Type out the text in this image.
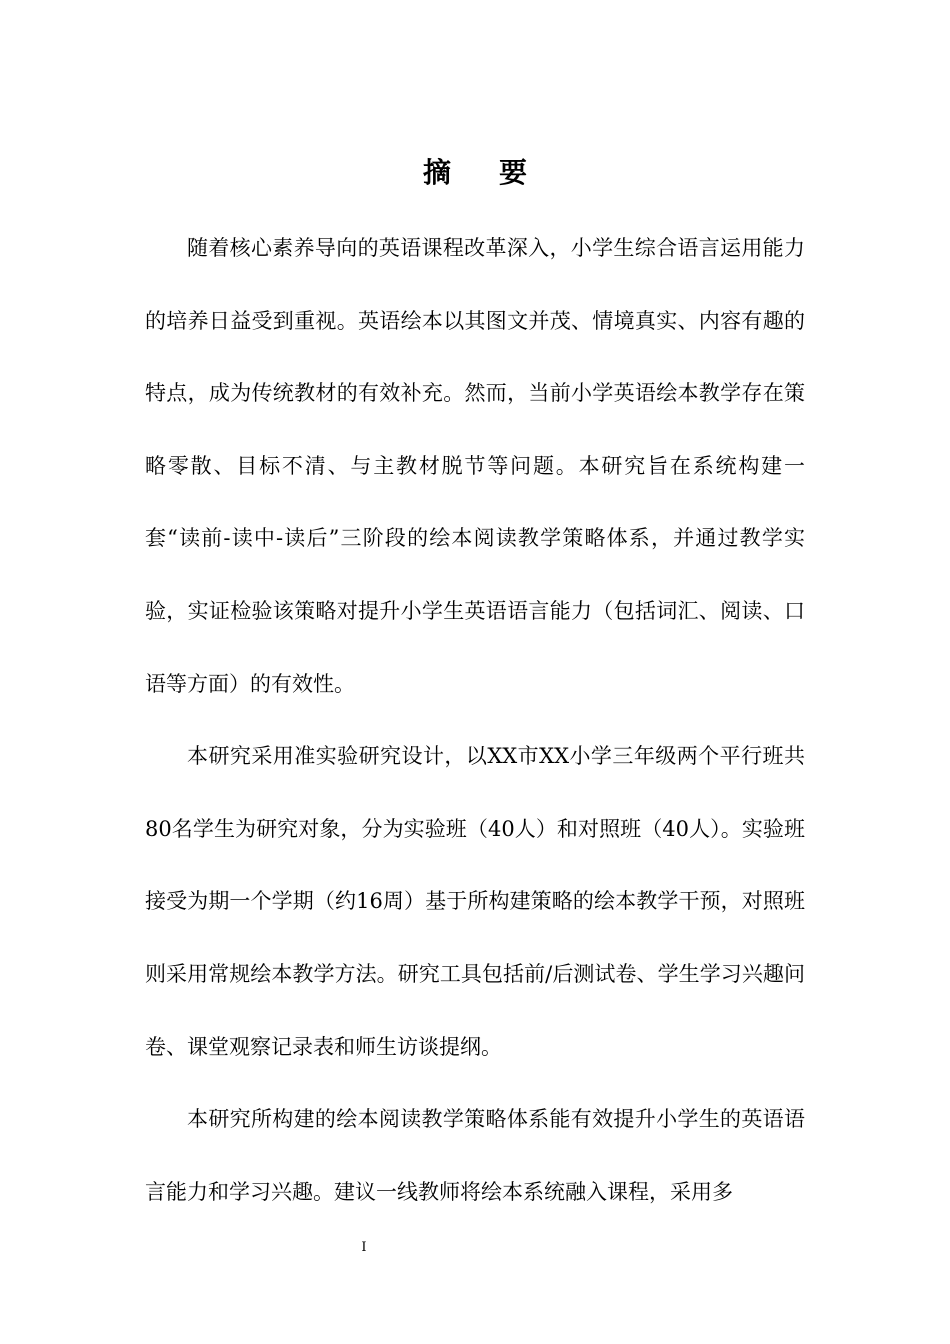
摘要

随着核心素养导向的英语课程改革深入，小学生综合语言运用能力的培养日益受到重视。英语绘本以其图文并茂、情境真实、内容有趣的特点，成为传统教材的有效补充。然而，当前小学英语绘本教学存在策略零散、目标不清、与主教材脱节等问题。本研究旨在系统构建一套“读前-读中-读后”三阶段的绘本阅读教学策略体系，并通过教学实验，实证检验该策略对提升小学生英语语言能力（包括词汇、阅读、口语等方面）的有效性。

本研究采用准实验研究设计，以XX市XX小学三年级两个平行班共80名学生为研究对象，分为实验班（40人）和对照班（40人）。实验班接受为期一个学期（约16周）基于所构建策略的绘本教学干预，对照班则采用常规绘本教学方法。研究工具包括前/后测试卷、学生学习兴趣问卷、课堂观察记录表和师生访谈提纲。

本研究所构建的绘本阅读教学策略体系能有效提升小学生的英语语言能力和学习兴趣。建议一线教师将绘本系统融入课程，采用多

I
